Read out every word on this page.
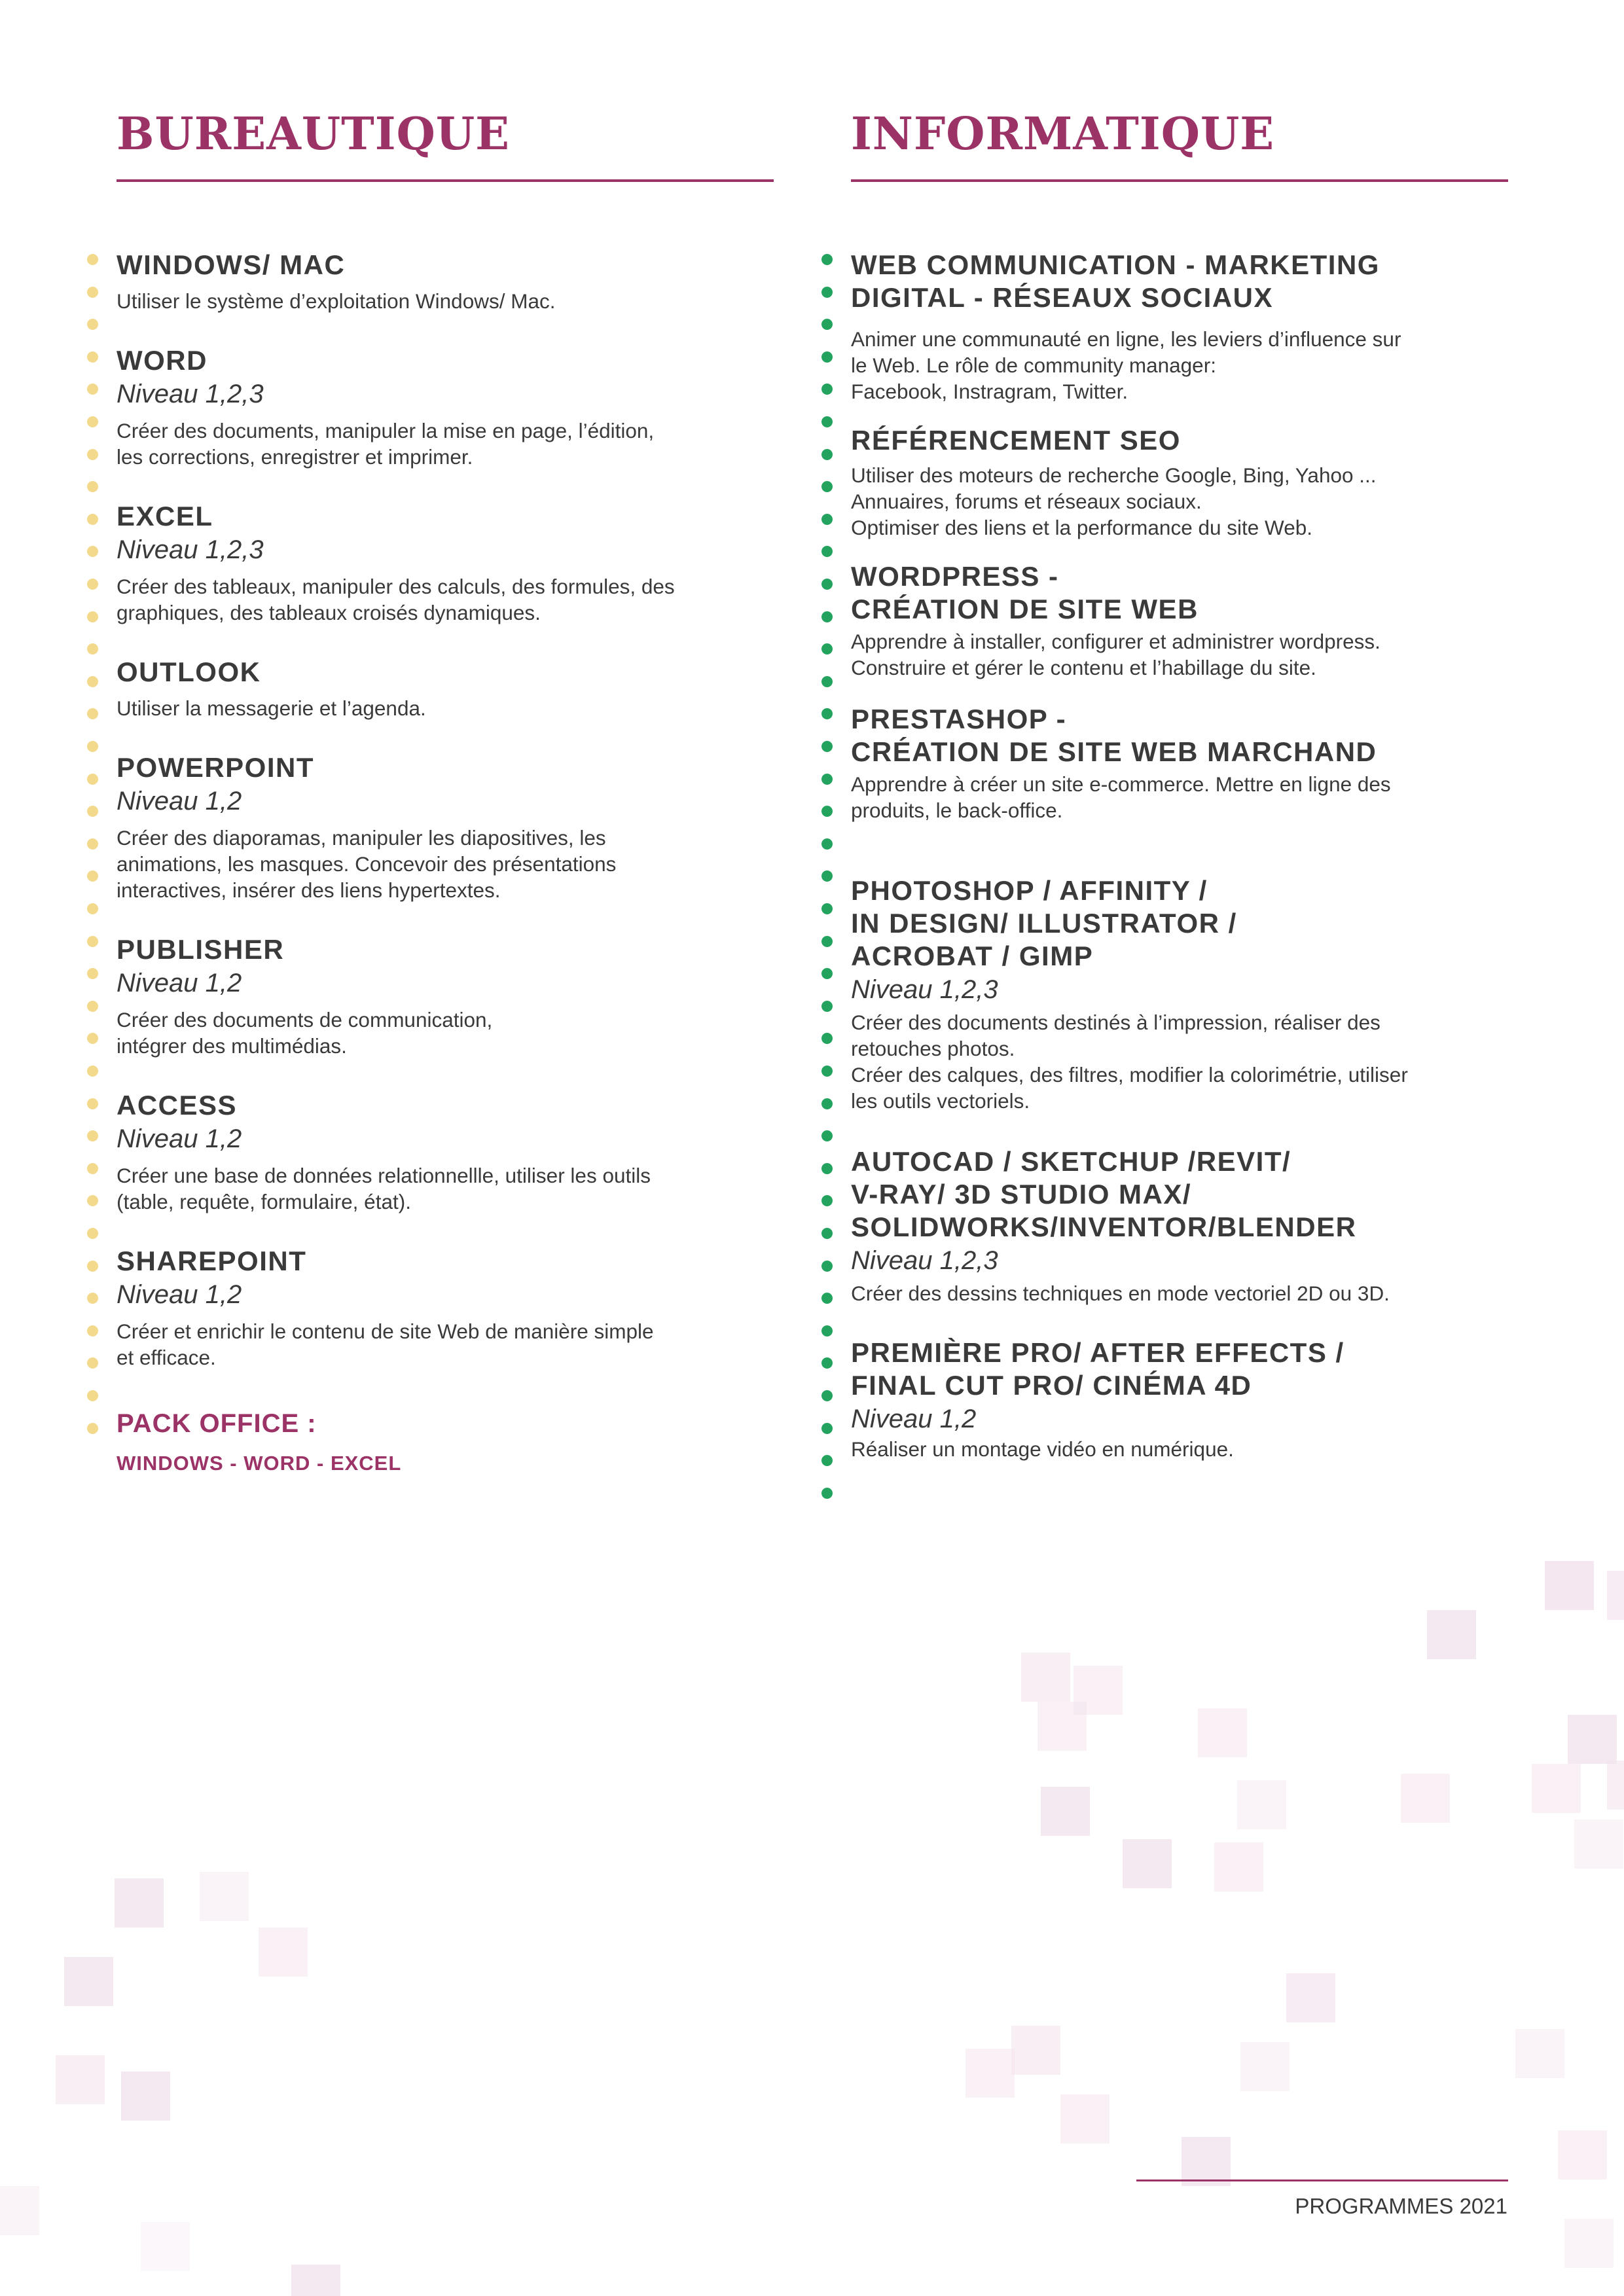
BUREAUTIQUE

WINDOWS/ MAC

Utiliser le système d’exploitation Windows/ Mac.

WORD

Niveau 1,2,3

Créer des documents, manipuler la mise en page, l’édition,
les corrections, enregistrer et imprimer.

EXCEL

Niveau 1,2,3

Créer des tableaux, manipuler des calculs, des formules, des
graphiques, des tableaux croisés dynamiques.

OUTLOOK

Utiliser la messagerie et l’agenda.

POWERPOINT

Niveau 1,2

Créer des diaporamas, manipuler les diapositives, les
animations, les masques. Concevoir des présentations
interactives, insérer des liens hypertextes.

PUBLISHER

Niveau 1,2

Créer des documents de communication,
intégrer des multimédias.

ACCESS

Niveau 1,2

Créer une base de données relationnellle, utiliser les outils
(table, requête, formulaire, état).

SHAREPOINT

Niveau 1,2

Créer et enrichir le contenu de site Web de manière simple
et efficace.

PACK OFFICE :

WINDOWS - WORD - EXCEL

INFORMATIQUE

WEB COMMUNICATION - MARKETING
DIGITAL - RÉSEAUX SOCIAUX

Animer une communauté en ligne, les leviers d’influence sur
le Web. Le rôle de community manager:
Facebook, Instragram, Twitter.

RÉFÉRENCEMENT SEO

Utiliser des moteurs de recherche Google, Bing, Yahoo ...
Annuaires, forums et réseaux sociaux.
Optimiser des liens et la performance du site Web.

WORDPRESS -
CRÉATION DE SITE WEB

Apprendre à installer, configurer et administrer wordpress.
Construire et gérer le contenu et l’habillage du site.

PRESTASHOP -
CRÉATION DE SITE WEB MARCHAND

Apprendre à créer un site e-commerce. Mettre en ligne des
produits, le back-office.

PHOTOSHOP / AFFINITY /
IN DESIGN/ ILLUSTRATOR /
ACROBAT / GIMP

Niveau 1,2,3

Créer des documents destinés à l’impression, réaliser des
retouches photos.
Créer des calques, des filtres, modifier la colorimétrie, utiliser
les outils vectoriels.

AUTOCAD / SKETCHUP /REVIT/
V-RAY/ 3D STUDIO MAX/
SOLIDWORKS/INVENTOR/BLENDER

Niveau 1,2,3

Créer des dessins techniques en mode vectoriel 2D ou 3D.

PREMIÈRE PRO/ AFTER EFFECTS /
FINAL CUT PRO/ CINÉMA 4D

Niveau 1,2

Réaliser un montage vidéo en numérique.

PROGRAMMES 2021
